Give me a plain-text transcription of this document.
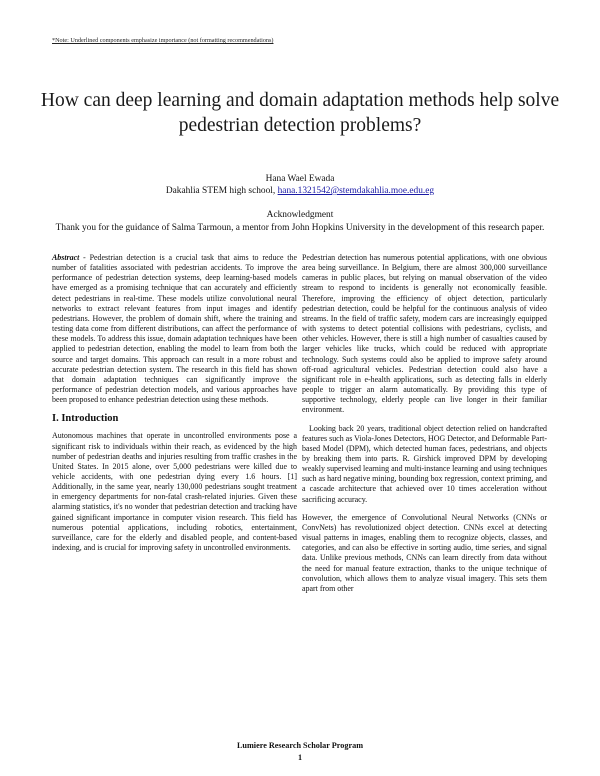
*Note: Underlined components emphasize importance (not formatting recommendations)
How can deep learning and domain adaptation methods help solve pedestrian detection problems?
Hana Wael Ewada
Dakahlia STEM high school, hana.1321542@stemdakahlia.moe.edu.eg
Acknowledgment
Thank you for the guidance of Salma Tarmoun, a mentor from John Hopkins University in the development of this research paper.

Abstract - Pedestrian detection is a crucial task that aims to reduce the number of fatalities associated with pedestrian accidents. To improve the performance of pedestrian detection systems, deep learning-based models have emerged as a promising technique that can accurately and efficiently detect pedestrians in real-time. These models utilize convolutional neural networks to extract relevant features from input images and identify pedestrians. However, the problem of domain shift, where the training and testing data come from different distributions, can affect the performance of these models. To address this issue, domain adaptation techniques have been applied to pedestrian detection, enabling the model to learn from both the source and target domains. This approach can result in a more robust and accurate pedestrian detection system. The research in this field has shown that domain adaptation techniques can significantly improve the performance of pedestrian detection models, and various approaches have been proposed to enhance pedestrian detection using these methods.

I. Introduction

Autonomous machines that operate in uncontrolled environments pose a significant risk to individuals within their reach, as evidenced by the high number of pedestrian deaths and injuries resulting from traffic crashes in the United States. In 2015 alone, over 5,000 pedestrians were killed due to vehicle accidents, with one pedestrian dying every 1.6 hours. [1] Additionally, in the same year, nearly 130,000 pedestrians sought treatment in emergency departments for non-fatal crash-related injuries. Given these alarming statistics, it's no wonder that pedestrian detection and tracking have gained significant importance in computer vision research. This field has numerous potential applications, including robotics, entertainment, surveillance, care for the elderly and disabled people, and content-based indexing, and is crucial for improving safety in uncontrolled environments.

Pedestrian detection has numerous potential applications, with one obvious area being surveillance. In Belgium, there are almost 300,000 surveillance cameras in public places, but relying on manual observation of the video stream to respond to incidents is generally not economically feasible. Therefore, improving the efficiency of object detection, particularly pedestrian detection, could be helpful for the continuous analysis of video streams. In the field of traffic safety, modern cars are increasingly equipped with systems to detect potential collisions with pedestrians, cyclists, and other vehicles. However, there is still a high number of casualties caused by larger vehicles like trucks, which could be reduced with appropriate technology. Such systems could also be applied to improve safety around off-road agricultural vehicles. Pedestrian detection could also have a significant role in e-health applications, such as detecting falls in elderly people to trigger an alarm automatically. By providing this type of supportive technology, elderly people can live longer in their familiar environment.

Looking back 20 years, traditional object detection relied on handcrafted features such as Viola-Jones Detectors, HOG Detector, and Deformable Part-based Model (DPM), which detected human faces, pedestrians, and objects by breaking them into parts. R. Girshick improved DPM by developing weakly supervised learning and multi-instance learning and using techniques such as hard negative mining, bounding box regression, context priming, and a cascade architecture that achieved over 10 times acceleration without sacrificing accuracy.

However, the emergence of Convolutional Neural Networks (CNNs or ConvNets) has revolutionized object detection. CNNs excel at detecting visual patterns in images, enabling them to recognize objects, classes, and categories, and can also be effective in sorting audio, time series, and signal data. Unlike previous methods, CNNs can learn directly from data without the need for manual feature extraction, thanks to the unique technique of convolution, which allows them to analyze visual imagery. This sets them apart from other

Lumiere Research Scholar Program
1
